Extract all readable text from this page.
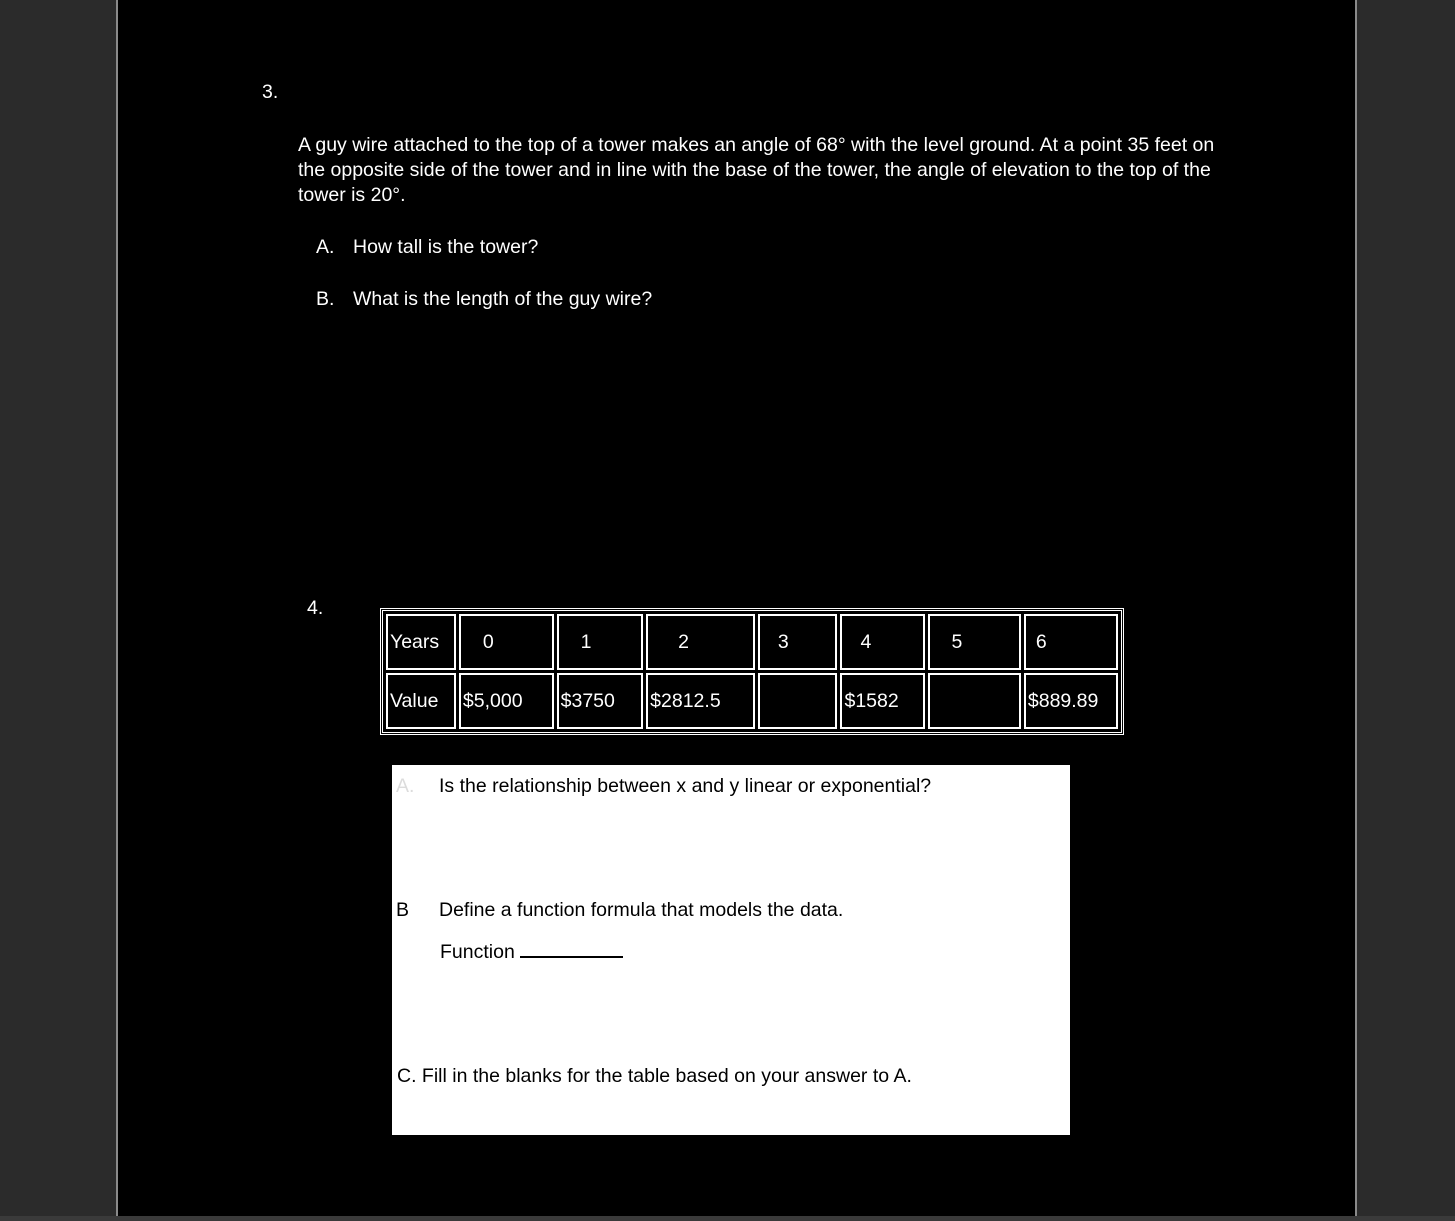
3.
A guy wire attached to the top of a tower makes an angle of 68° with the level ground. At a point 35 feet on the opposite side of the tower and in line with the base of the tower, the angle of elevation to the top of the tower is 20°.
A. How tall is the tower?
B. What is the length of the guy wire?
4.
Years	0	1	2	3	4	5	6
Value	$5,000	$3750	$2812.5		$1582		$889.89
A. Is the relationship between x and y linear or exponential?
B Define a function formula that models the data.
Function
C. Fill in the blanks for the table based on your answer to A.
